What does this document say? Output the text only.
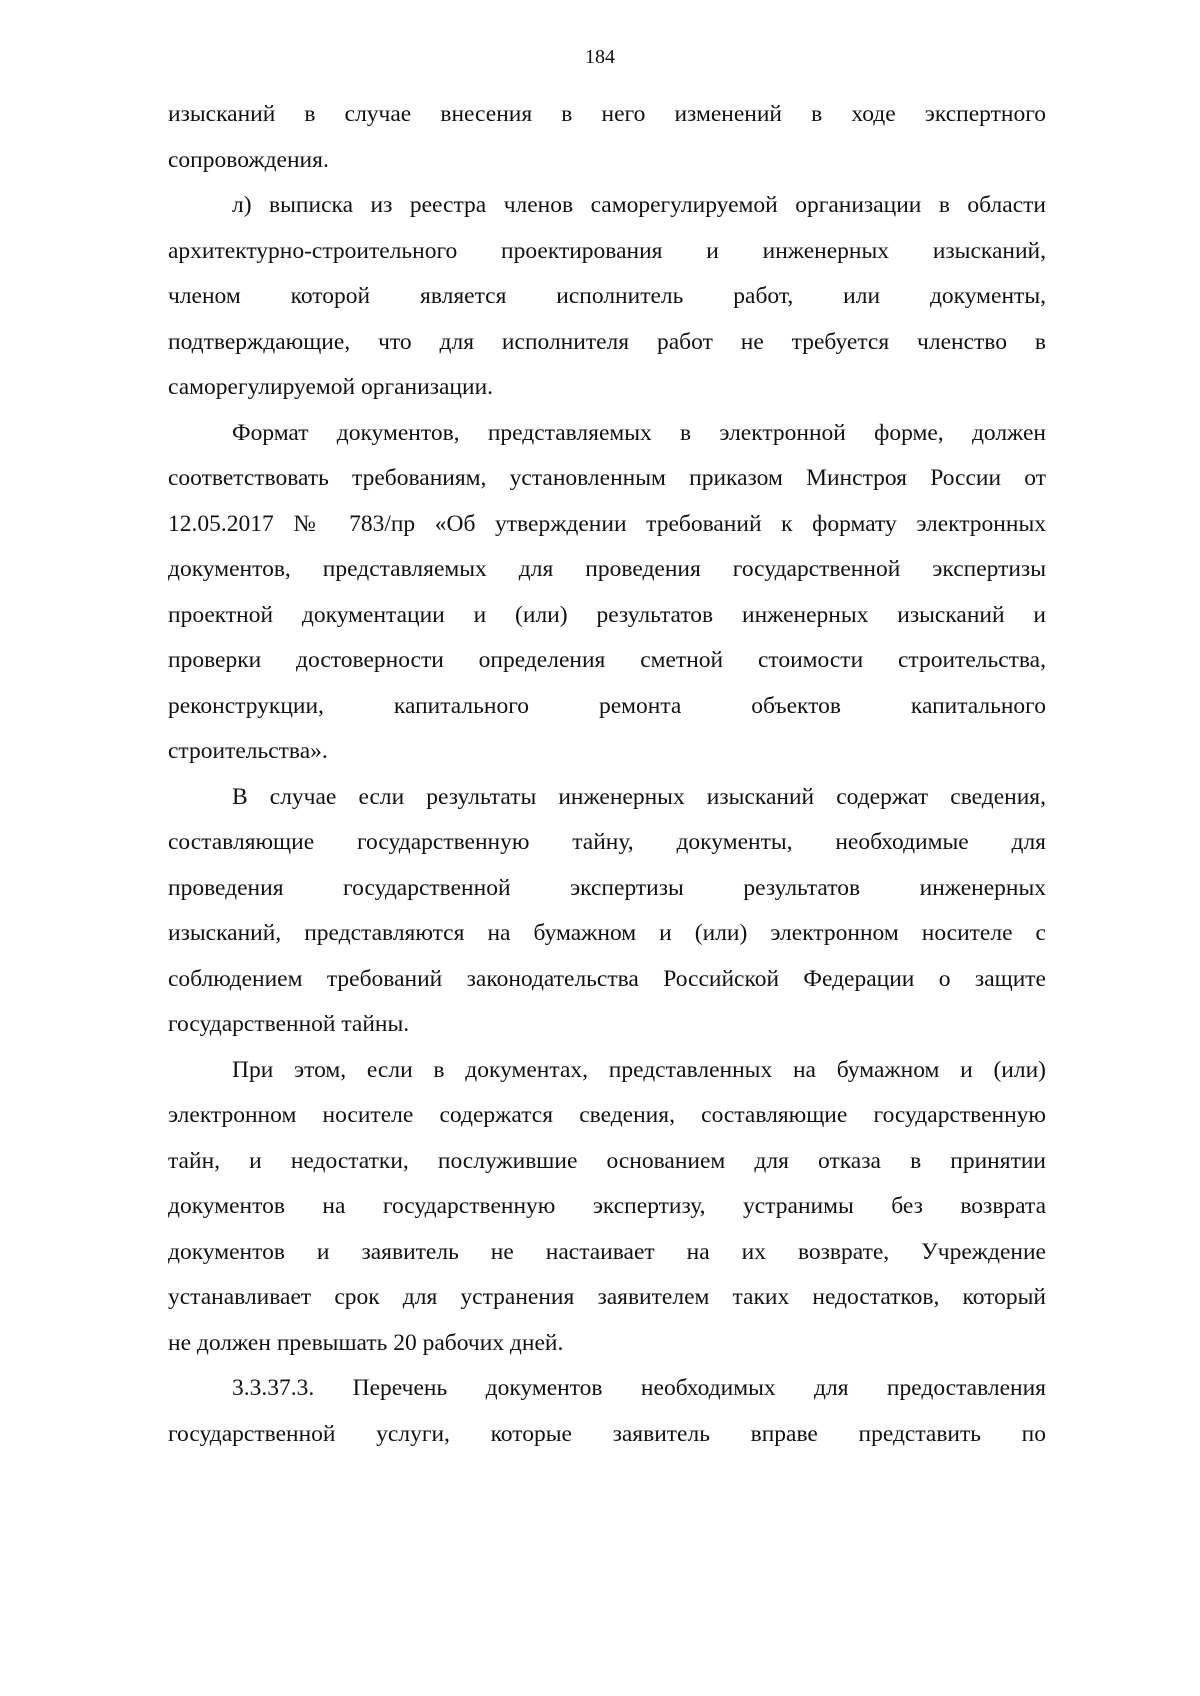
184
изысканий в случае внесения в него изменений в ходе экспертного
сопровождения.
л) выписка из реестра членов саморегулируемой организации в области
архитектурно-строительного проектирования и инженерных изысканий,
членом которой является исполнитель работ, или документы,
подтверждающие, что для исполнителя работ не требуется членство в
саморегулируемой организации.
Формат документов, представляемых в электронной форме, должен
соответствовать требованиям, установленным приказом Минстроя России от
12.05.2017 № 783/пр «Об утверждении требований к формату электронных
документов, представляемых для проведения государственной экспертизы
проектной документации и (или) результатов инженерных изысканий и
проверки достоверности определения сметной стоимости строительства,
реконструкции, капитального ремонта объектов капитального
строительства».
В случае если результаты инженерных изысканий содержат сведения,
составляющие государственную тайну, документы, необходимые для
проведения государственной экспертизы результатов инженерных
изысканий, представляются на бумажном и (или) электронном носителе с
соблюдением требований законодательства Российской Федерации о защите
государственной тайны.
При этом, если в документах, представленных на бумажном и (или)
электронном носителе содержатся сведения, составляющие государственную
тайн, и недостатки, послужившие основанием для отказа в принятии
документов на государственную экспертизу, устранимы без возврата
документов и заявитель не настаивает на их возврате, Учреждение
устанавливает срок для устранения заявителем таких недостатков, который
не должен превышать 20 рабочих дней.
3.3.37.3. Перечень документов необходимых для предоставления
государственной услуги, которые заявитель вправе представить по
